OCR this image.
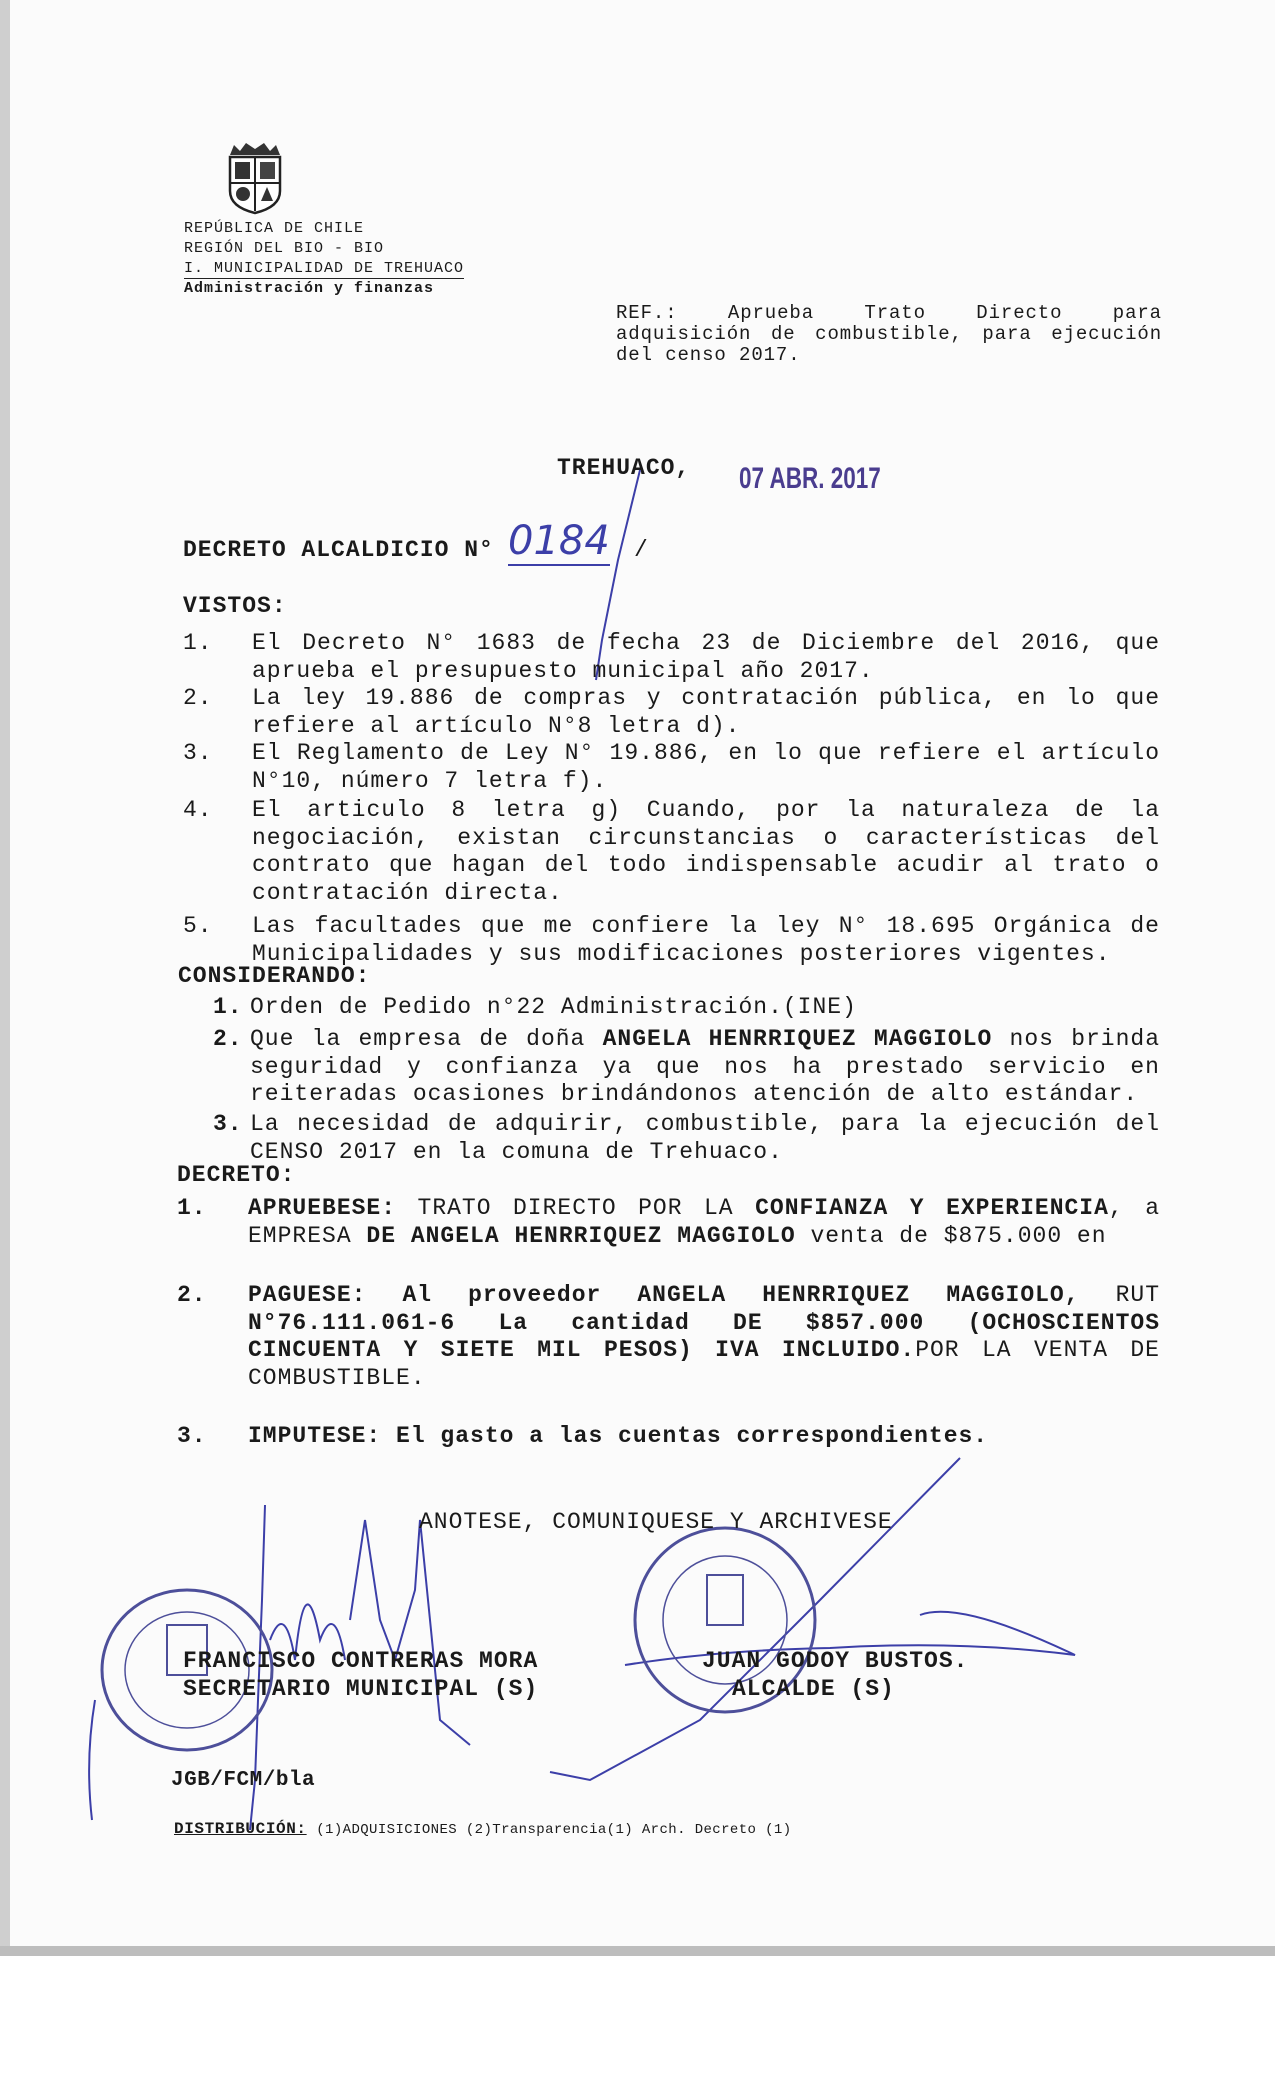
REPÚBLICA DE CHILE
REGIÓN DEL BIO - BIO
I. MUNICIPALIDAD DE TREHUACO
Administración y finanzas
REF.: Aprueba Trato Directo para
adquisición de combustible, para ejecución
del censo 2017.
TREHUACO, 07 ABR. 2017
DECRETO ALCALDICIO N° 0184 /
VISTOS:
1. El Decreto N° 1683 de fecha 23 de Diciembre del 2016, que
aprueba el presupuesto municipal año 2017.
2. La ley 19.886 de compras y contratación pública, en lo que
refiere al artículo N°8 letra d).
3. El Reglamento de Ley N° 19.886, en lo que refiere el artículo
N°10, número 7 letra f).
4. El articulo 8 letra g) Cuando, por la naturaleza de la
negociación, existan circunstancias o características del
contrato que hagan del todo indispensable acudir al trato o
contratación directa.
5. Las facultades que me confiere la ley N° 18.695 Orgánica de
Municipalidades y sus modificaciones posteriores vigentes.
CONSIDERANDO:
1. Orden de Pedido n°22 Administración.(INE)
2. Que la empresa de doña ANGELA HENRRIQUEZ MAGGIOLO nos brinda
seguridad y confianza ya que nos ha prestado servicio en
reiteradas ocasiones brindándonos atención de alto estándar.
3. La necesidad de adquirir, combustible, para la ejecución del
CENSO 2017 en la comuna de Trehuaco.
DECRETO:
1. APRUEBESE: TRATO DIRECTO POR LA CONFIANZA Y EXPERIENCIA, a
EMPRESA DE ANGELA HENRRIQUEZ MAGGIOLO venta de $875.000 en
2. PAGUESE: Al proveedor ANGELA HENRRIQUEZ MAGGIOLO, RUT
N°76.111.061-6 La cantidad DE $857.000 (OCHOSCIENTOS
CINCUENTA Y SIETE MIL PESOS) IVA INCLUIDO.POR LA VENTA DE
COMBUSTIBLE.
3. IMPUTESE: El gasto a las cuentas correspondientes.
ANOTESE, COMUNIQUESE Y ARCHIVESE
FRANCISCO CONTRERAS MORA
SECRETARIO MUNICIPAL (S)
JUAN GODOY BUSTOS.
ALCALDE (S)
JGB/FCM/bla
DISTRIBUCIÓN: (1)ADQUISICIONES (2)Transparencia(1) Arch. Decreto (1)
